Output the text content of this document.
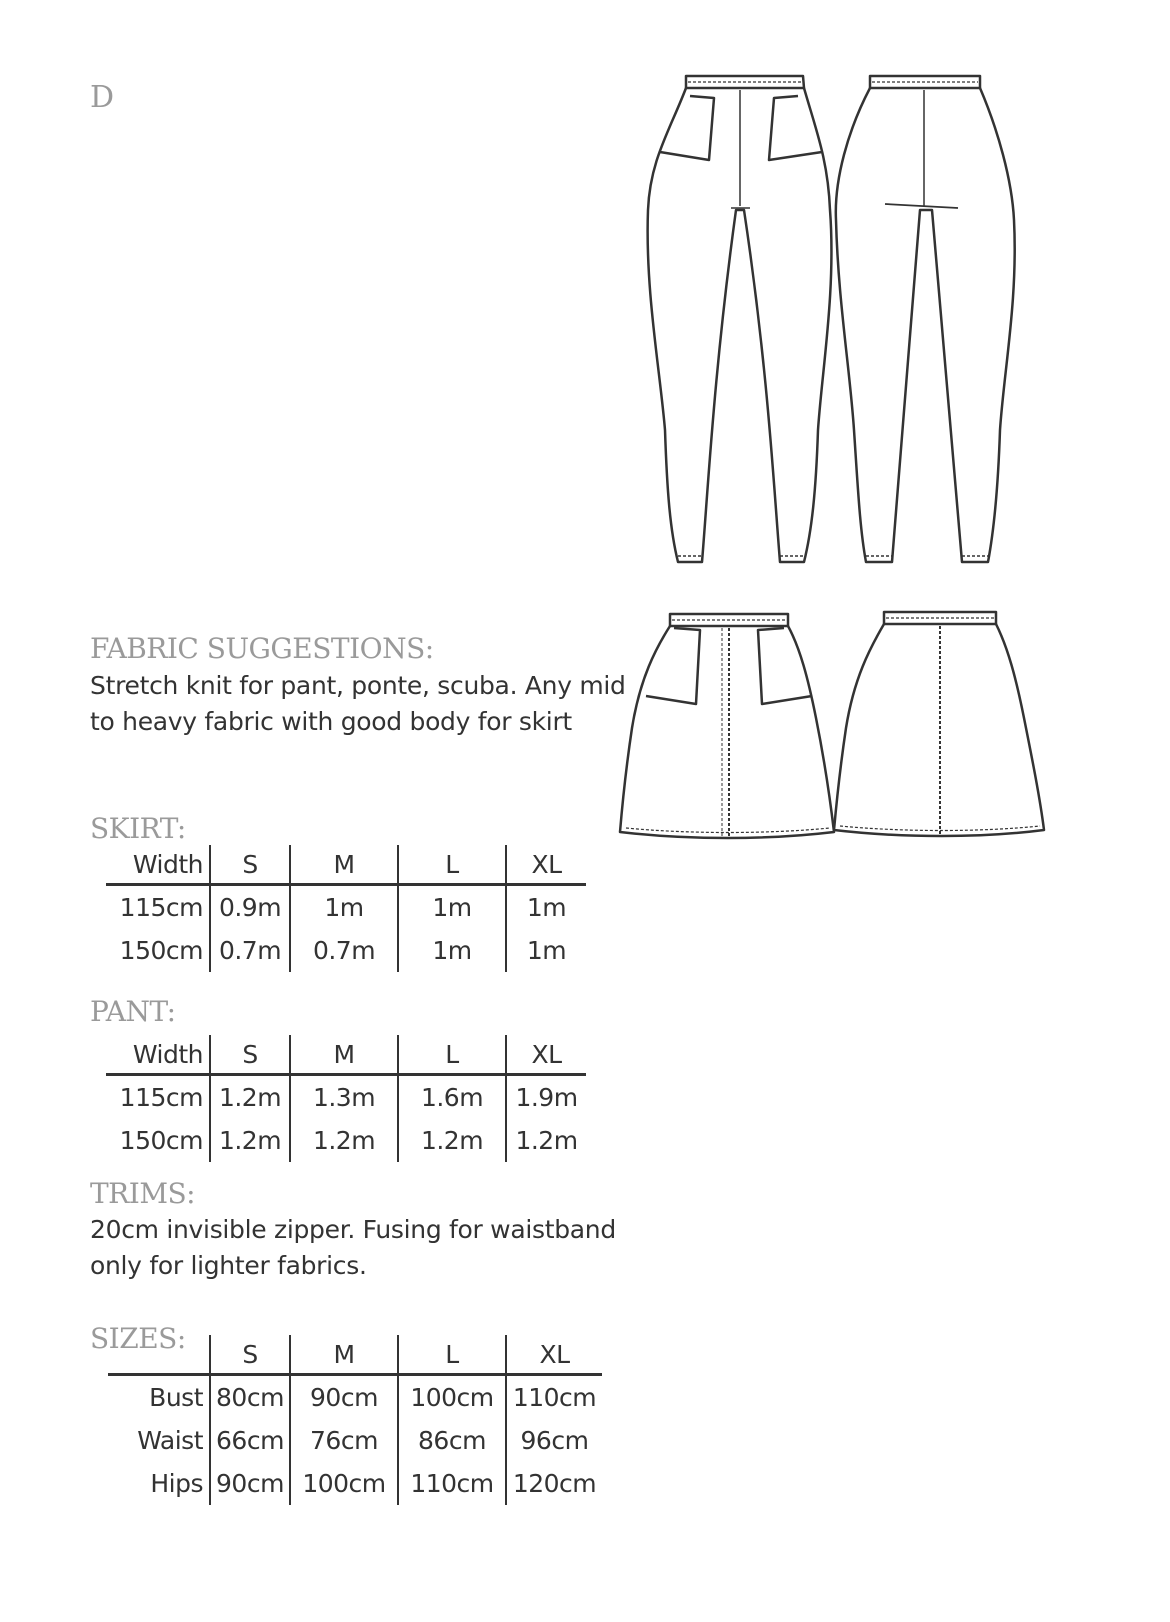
D
FABRIC SUGGESTIONS:
Stretch knit for pant, ponte, scuba. Any mid to heavy fabric with good body for skirt
SKIRT:
Width	S	M	L	XL
115cm	0.9m	1m	1m	1m
150cm	0.7m	0.7m	1m	1m
PANT:
Width	S	M	L	XL
115cm	1.2m	1.3m	1.6m	1.9m
150cm	1.2m	1.2m	1.2m	1.2m
TRIMS:
20cm invisible zipper. Fusing for waistband only for lighter fabrics.
SIZES:
	S	M	L	XL
Bust	80cm	90cm	100cm	110cm
Waist	66cm	76cm	86cm	96cm
Hips	90cm	100cm	110cm	120cm
